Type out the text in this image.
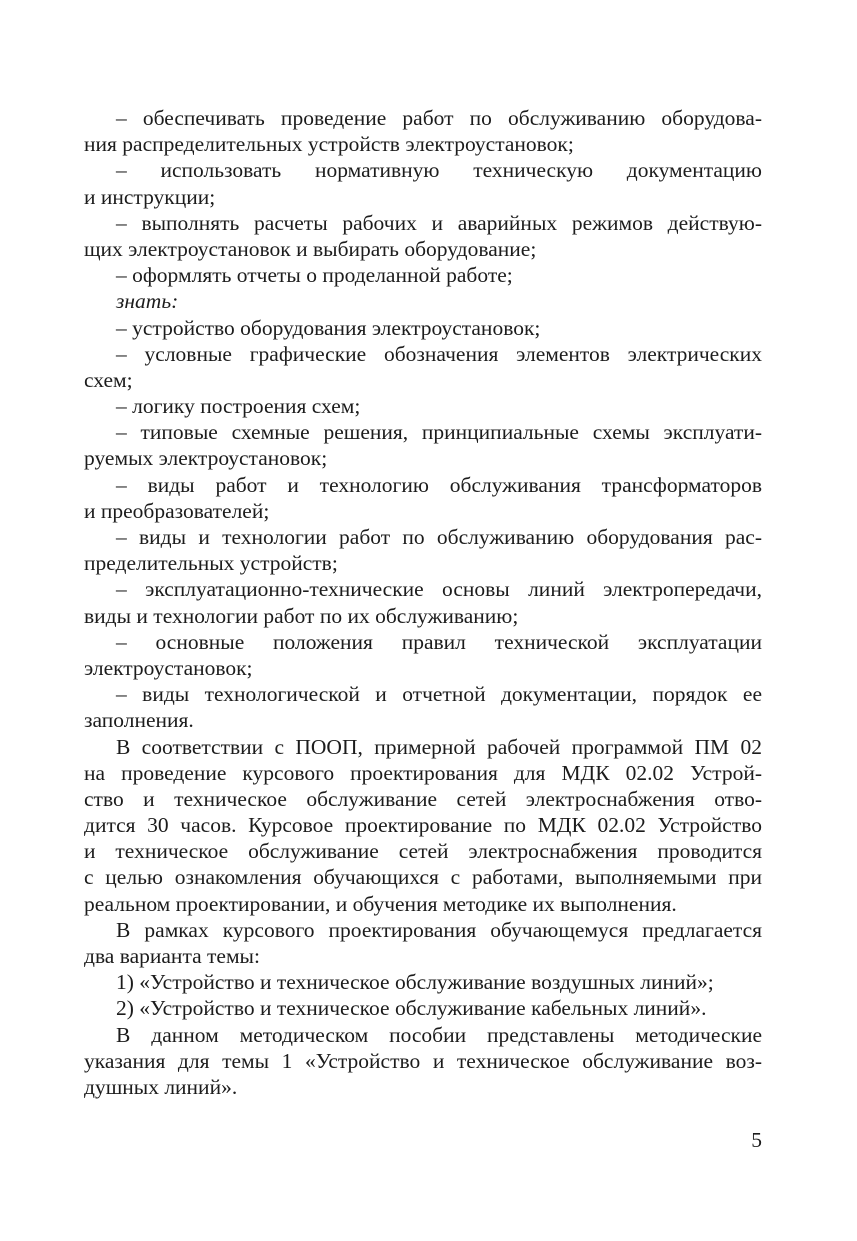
– обеспечивать проведение работ по обслуживанию оборудова-
ния распределительных устройств электроустановок;
– использовать нормативную техническую документацию
и инструкции;
– выполнять расчеты рабочих и аварийных режимов действую-
щих электроустановок и выбирать оборудование;
– оформлять отчеты о проделанной работе;
знать:
– устройство оборудования электроустановок;
– условные графические обозначения элементов электрических
схем;
– логику построения схем;
– типовые схемные решения, принципиальные схемы эксплуати-
руемых электроустановок;
– виды работ и технологию обслуживания трансформаторов
и преобразователей;
– виды и технологии работ по обслуживанию оборудования рас-
пределительных устройств;
– эксплуатационно-технические основы линий электропередачи,
виды и технологии работ по их обслуживанию;
– основные положения правил технической эксплуатации
электроустановок;
– виды технологической и отчетной документации, порядок ее
заполнения.
В соответствии с ПООП, примерной рабочей программой ПМ 02
на проведение курсового проектирования для МДК 02.02 Устрой-
ство и техническое обслуживание сетей электроснабжения отво-
дится 30 часов. Курсовое проектирование по МДК 02.02 Устройство
и техническое обслуживание сетей электроснабжения проводится
с целью ознакомления обучающихся с работами, выполняемыми при
реальном проектировании, и обучения методике их выполнения.
В рамках курсового проектирования обучающемуся предлагается
два варианта темы:
1) «Устройство и техническое обслуживание воздушных линий»;
2) «Устройство и техническое обслуживание кабельных линий».
В данном методическом пособии представлены методические
указания для темы 1 «Устройство и техническое обслуживание воз-
душных линий».
5
